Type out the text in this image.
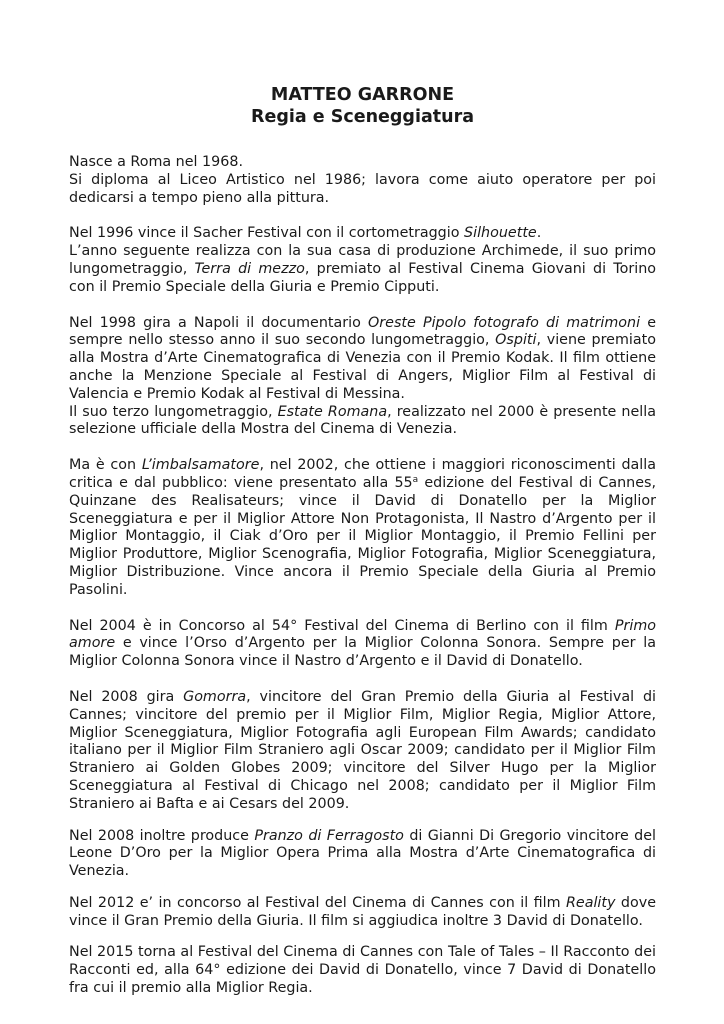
MATTEO GARRONE
Regia e Sceneggiatura
Nasce a Roma nel 1968.
Si diploma al Liceo Artistico nel 1986; lavora come aiuto operatore per poi dedicarsi a tempo pieno alla pittura.
Nel 1996 vince il Sacher Festival con il cortometraggio Silhouette.
L’anno seguente realizza con la sua casa di produzione Archimede, il suo primo lungometraggio, Terra di mezzo, premiato al Festival Cinema Giovani di Torino con il Premio Speciale della Giuria e Premio Cipputi.
Nel 1998 gira a Napoli il documentario Oreste Pipolo fotografo di matrimoni e sempre nello stesso anno il suo secondo lungometraggio, Ospiti, viene premiato alla Mostra d’Arte Cinematografica di Venezia con il Premio Kodak. Il film ottiene anche la Menzione Speciale al Festival di Angers, Miglior Film al Festival di Valencia e Premio Kodak al Festival di Messina.
Il suo terzo lungometraggio, Estate Romana, realizzato nel 2000 è presente nella selezione ufficiale della Mostra del Cinema di Venezia.
Ma è con L’imbalsamatore, nel 2002, che ottiene i maggiori riconoscimenti dalla critica e dal pubblico: viene presentato alla 55$^a$ edizione del Festival di Cannes, Quinzane des Realisateurs; vince il David di Donatello per la Miglior Sceneggiatura e per il Miglior Attore Non Protagonista, Il Nastro d’Argento per il Miglior Montaggio, il Ciak d’Oro per il Miglior Montaggio, il Premio Fellini per Miglior Produttore, Miglior Scenografia, Miglior Fotografia, Miglior Sceneggiatura, Miglior Distribuzione. Vince ancora il Premio Speciale della Giuria al Premio Pasolini.
Nel 2004 è in Concorso al 54° Festival del Cinema di Berlino con il film Primo amore e vince l’Orso d’Argento per la Miglior Colonna Sonora. Sempre per la Miglior Colonna Sonora vince il Nastro d’Argento e il David di Donatello.
Nel 2008 gira Gomorra, vincitore del Gran Premio della Giuria al Festival di Cannes; vincitore del premio per il Miglior Film, Miglior Regia, Miglior Attore, Miglior Sceneggiatura, Miglior Fotografia agli European Film Awards; candidato italiano per il Miglior Film Straniero agli Oscar 2009; candidato per il Miglior Film Straniero ai Golden Globes 2009; vincitore del Silver Hugo per la Miglior Sceneggiatura al Festival di Chicago nel 2008; candidato per il Miglior Film Straniero ai Bafta e ai Cesars del 2009.
Nel 2008 inoltre produce Pranzo di Ferragosto di Gianni Di Gregorio vincitore del Leone D’Oro per la Miglior Opera Prima alla Mostra d’Arte Cinematografica di Venezia.
Nel 2012 e’ in concorso al Festival del Cinema di Cannes con il film Reality dove vince il Gran Premio della Giuria. Il film si aggiudica inoltre 3 David di Donatello.
Nel 2015 torna al Festival del Cinema di Cannes con Tale of Tales – Il Racconto dei Racconti ed, alla 64° edizione dei David di Donatello, vince 7 David di Donatello fra cui il premio alla Miglior Regia.
